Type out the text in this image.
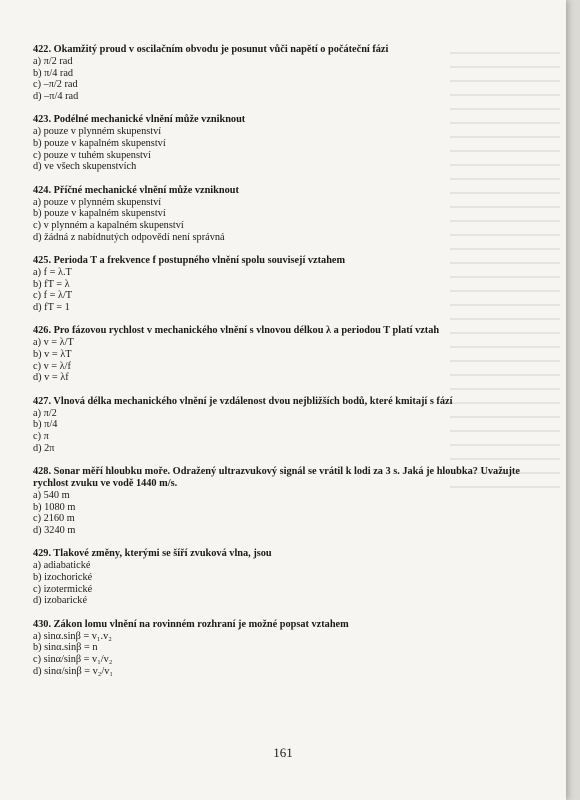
422. Okamžitý proud v oscilačním obvodu je posunut vůči napětí o počáteční fázi
a) π/2 rad
b) π/4 rad
c) –π/2 rad
d) –π/4 rad
423. Podélné mechanické vlnění může vzniknout
a) pouze v plynném skupenství
b) pouze v kapalném skupenství
c) pouze v tuhém skupenství
d) ve všech skupenstvích
424. Příčné mechanické vlnění může vzniknout
a) pouze v plynném skupenství
b) pouze v kapalném skupenství
c) v plynném a kapalném skupenství
d) žádná z nabídnutých odpovědí není správná
425. Perioda T a frekvence f postupného vlnění spolu souvisejí vztahem
a) f = λ.T
b) fT = λ
c) f = λ/T
d) fT = 1
426. Pro fázovou rychlost v mechanického vlnění s vlnovou délkou λ a periodou T platí vztah
a) v = λ/T
b) v = λT
c) v = λ/f
d) v = λf
427. Vlnová délka mechanického vlnění je vzdálenost dvou nejbližších bodů, které kmitají s fází
a) π/2
b) π/4
c) π
d) 2π
428. Sonar měří hloubku moře. Odražený ultrazvukový signál se vrátil k lodi za 3 s. Jaká je hloubka? Uvažujte rychlost zvuku ve vodě 1440 m/s.
a) 540 m
b) 1080 m
c) 2160 m
d) 3240 m
429. Tlakové změny, kterými se šíří zvuková vlna, jsou
a) adiabatické
b) izochorické
c) izotermické
d) izobarické
430. Zákon lomu vlnění na rovinném rozhraní je možné popsat vztahem
a) sinα.sinβ = v₁.v₂
b) sinα.sinβ = n
c) sinα/sinβ = v₁/v₂
d) sinα/sinβ = v₂/v₁
161
